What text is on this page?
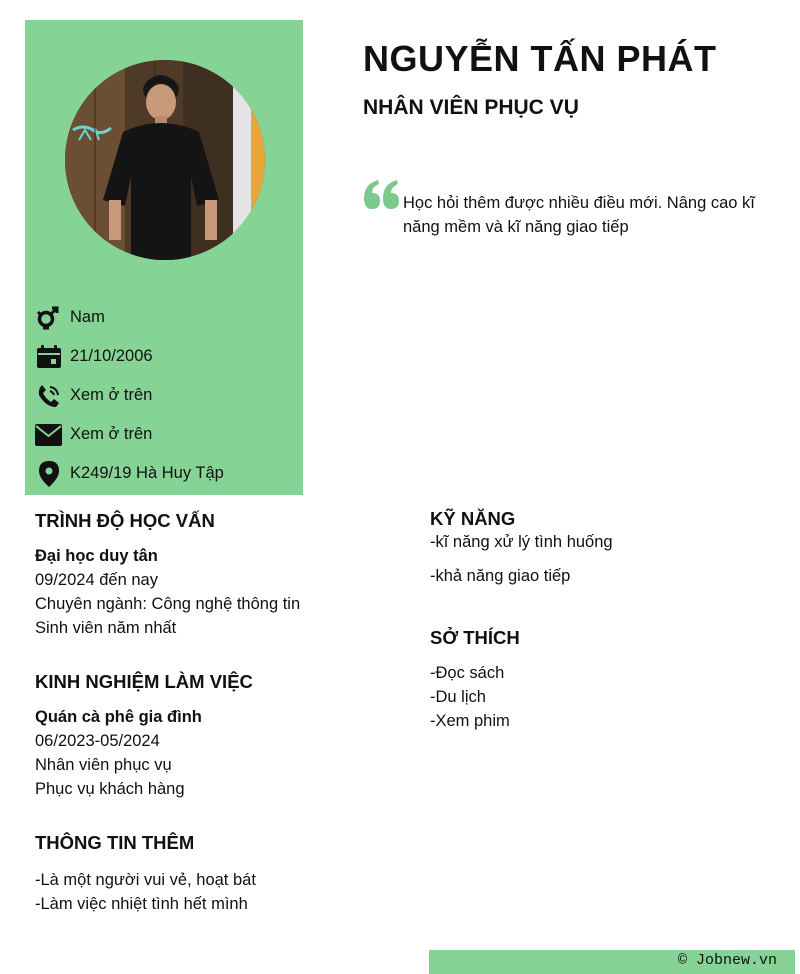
Nam
21/10/2006
Xem ở trên
Xem ở trên
K249/19 Hà Huy Tập
NGUYỄN TẤN PHÁT
NHÂN VIÊN PHỤC VỤ

Học hỏi thêm được nhiều điều mới. Nâng cao kĩ năng mềm và kĩ năng giao tiếp

TRÌNH ĐỘ HỌC VẤN
Đại học duy tân
09/2024 đến nay
Chuyên ngành: Công nghệ thông tin
Sinh viên năm nhất
KINH NGHIỆM LÀM VIỆC
Quán cà phê gia đình
06/2023-05/2024
Nhân viên phục vụ
Phục vụ khách hàng
THÔNG TIN THÊM
-Là một người vui vẻ, hoạt bát
-Làm việc nhiệt tình hết mình
KỸ NĂNG
-kĩ năng xử lý tình huống
-khả năng giao tiếp
SỞ THÍCH
-Đọc sách
-Du lịch
-Xem phim
© Jobnew.vn
